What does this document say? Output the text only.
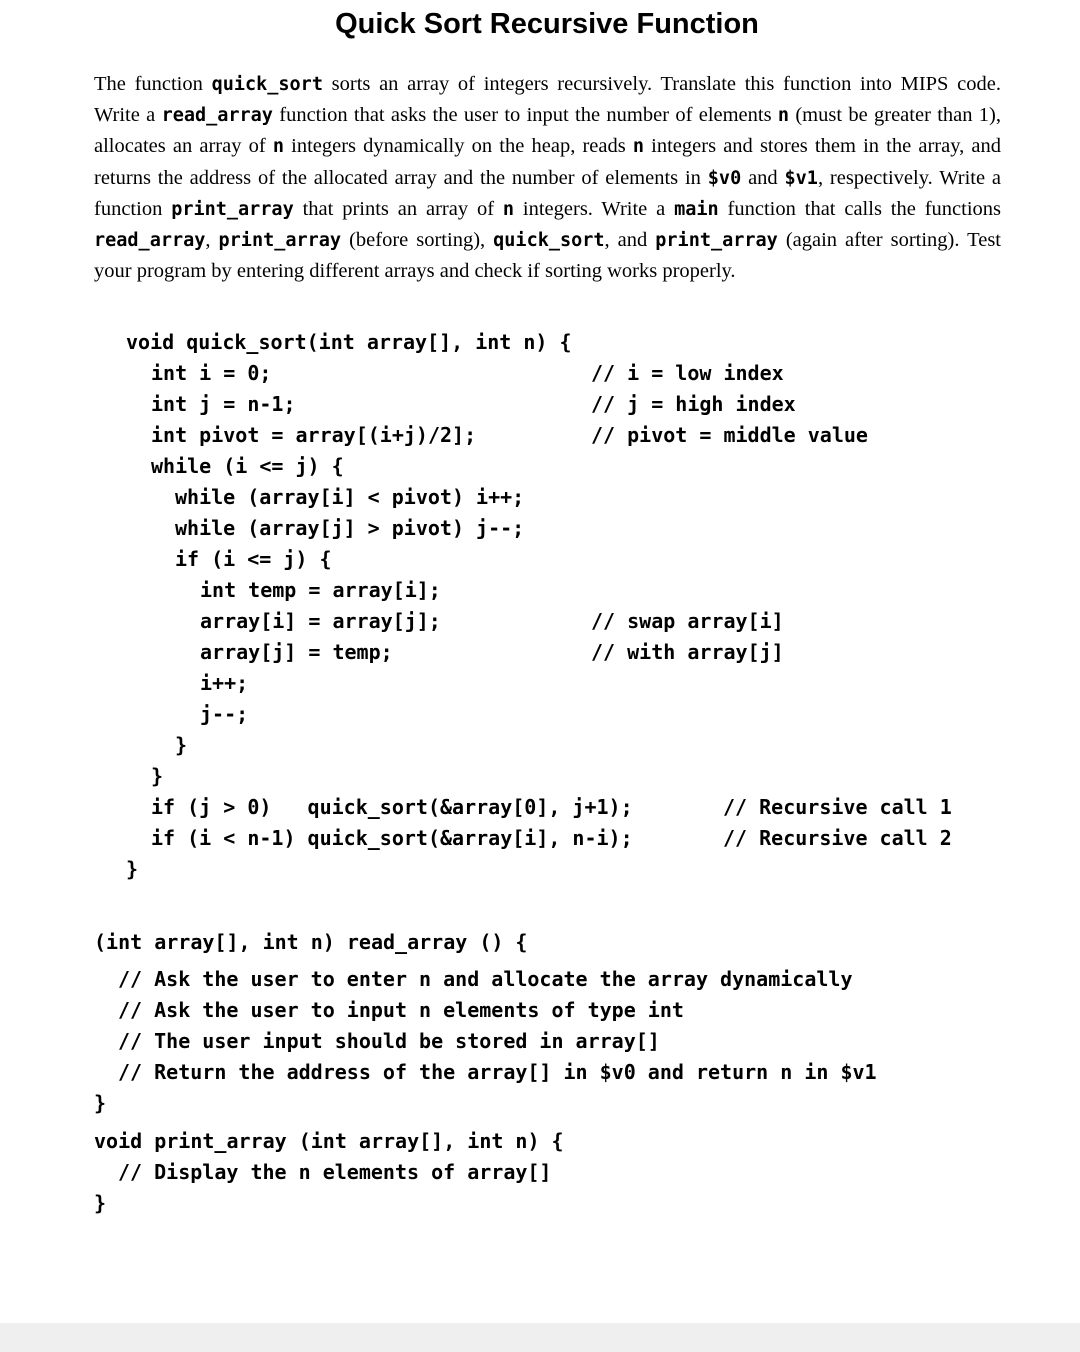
Quick Sort Recursive Function

The function quick_sort sorts an array of integers recursively. Translate this function into MIPS code. Write a read_array function that asks the user to input the number of elements n (must be greater than 1), allocates an array of n integers dynamically on the heap, reads n integers and stores them in the array, and returns the address of the allocated array and the number of elements in $v0 and $v1, respectively. Write a function print_array that prints an array of n integers. Write a main function that calls the functions read_array, print_array (before sorting), quick_sort, and print_array (again after sorting). Test your program by entering different arrays and check if sorting works properly.

void quick_sort(int array[], int n) {
int i = 0;	// i = low index
int j = n-1;	// j = high index
int pivot = array[(i+j)/2];	// pivot = middle value
while (i <= j) {
while (array[i] < pivot) i++;
while (array[j] > pivot) j--;
if (i <= j) {
int temp = array[i];
array[i] = array[j];	// swap array[i]
array[j] = temp;	// with array[j]
i++;
j--;
}
}
if (j > 0)   quick_sort(&array[0], j+1);	// Recursive call 1
if (i < n-1) quick_sort(&array[i], n-i);	// Recursive call 2
}
(int array[], int n) read_array () {
// Ask the user to enter n and allocate the array dynamically
// Ask the user to input n elements of type int
// The user input should be stored in array[]
// Return the address of the array[] in $v0 and return n in $v1
}
void print_array (int array[], int n) {
// Display the n elements of array[]
}
